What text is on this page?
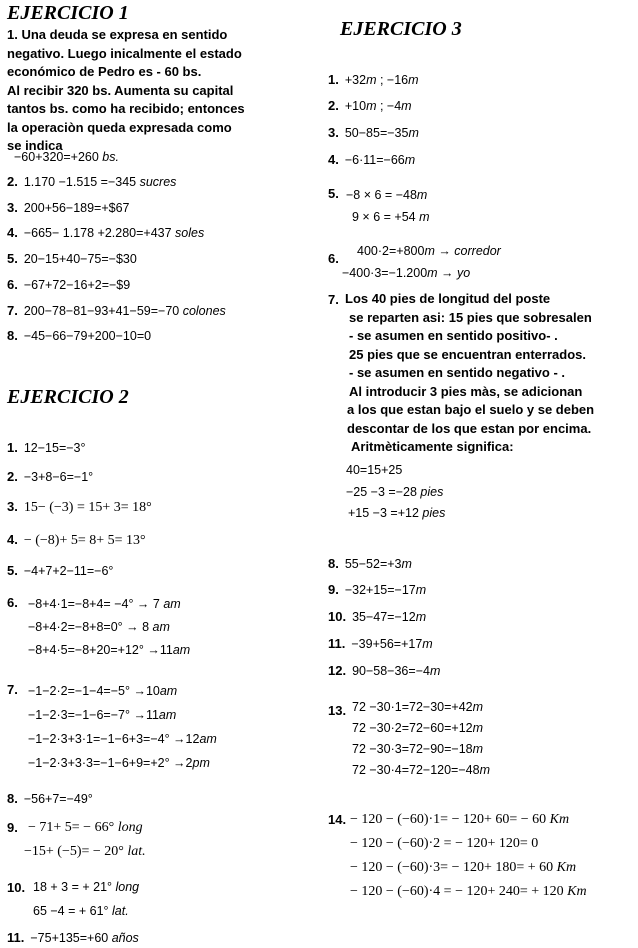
EJERCICIO 1
1. Una deuda se expresa en sentido
negativo. Luego inicalmente el estado
económico de Pedro es - 60 bs.
Al recibir 320 bs. Aumenta su capital
tantos bs. como ha recibido; entonces
la operaciòn queda expresada como
se indica
−60+320=+260 bs.
2. 1.170 −1.515 =−345 sucres
3. 200+56−189=+$67
4. −665− 1.178 +2.280=+437 soles
5. 20−15+40−75=−$30
6. −67+72−16+2=−$9
7. 200−78−81−93+41−59=−70 colones
8. −45−66−79+200−10=0
EJERCICIO 2
1. 12−15=−3°
2. −3+8−6=−1°
3. 15− (−3) = 15+ 3= 18°
4. − (−8)+ 5= 8+ 5= 13°
5. −4+7+2−11=−6°
6. −8+4·1=−8+4= −4° → 7 am
−8+4·2=−8+8=0° → 8 am
−8+4·5=−8+20=+12° →11am
7. −1−2·2=−1−4=−5° →10am
−1−2·3=−1−6=−7° →11am
−1−2·3+3·1=−1−6+3=−4° →12am
−1−2·3+3·3=−1−6+9=+2° →2pm
8. −56+7=−49°
9. − 71+ 5= − 66° long
−15+ (−5)= − 20° lat.
10. 18 + 3 = + 21° long
65 −4 = + 61° lat.
11. −75+135=+60 años
EJERCICIO 3
1. +32m ; −16m
2. +10m ; −4m
3. 50−85=−35m
4. −6·11=−66m
5. −8 × 6 = −48m
9 × 6 = +54 m
6. 400·2=+800m → corredor
−400·3=−1.200m → yo
7. Los 40 pies de longitud del poste
se reparten asi: 15 pies que sobresalen
- se asumen en sentido positivo- .
25 pies que se encuentran enterrados.
- se asumen en sentido negativo - .
Al introducir 3 pies màs, se adicionan
a los que estan bajo el suelo y se deben
descontar de los que estan por encima.
Aritmèticamente significa:
40=15+25
−25 −3 =−28 pies
+15 −3 =+12 pies
8. 55−52=+3m
9. −32+15=−17m
10. 35−47=−12m
11. −39+56=+17m
12. 90−58−36=−4m
13. 72 −30·1=72−30=+42m
72 −30·2=72−60=+12m
72 −30·3=72−90=−18m
72 −30·4=72−120=−48m
14. − 120 − (−60)·1= − 120+ 60= − 60 Km
− 120 − (−60)·2 = − 120+ 120= 0
− 120 − (−60)·3= − 120+ 180= + 60 Km
− 120 − (−60)·4 = − 120+ 240= + 120 Km
